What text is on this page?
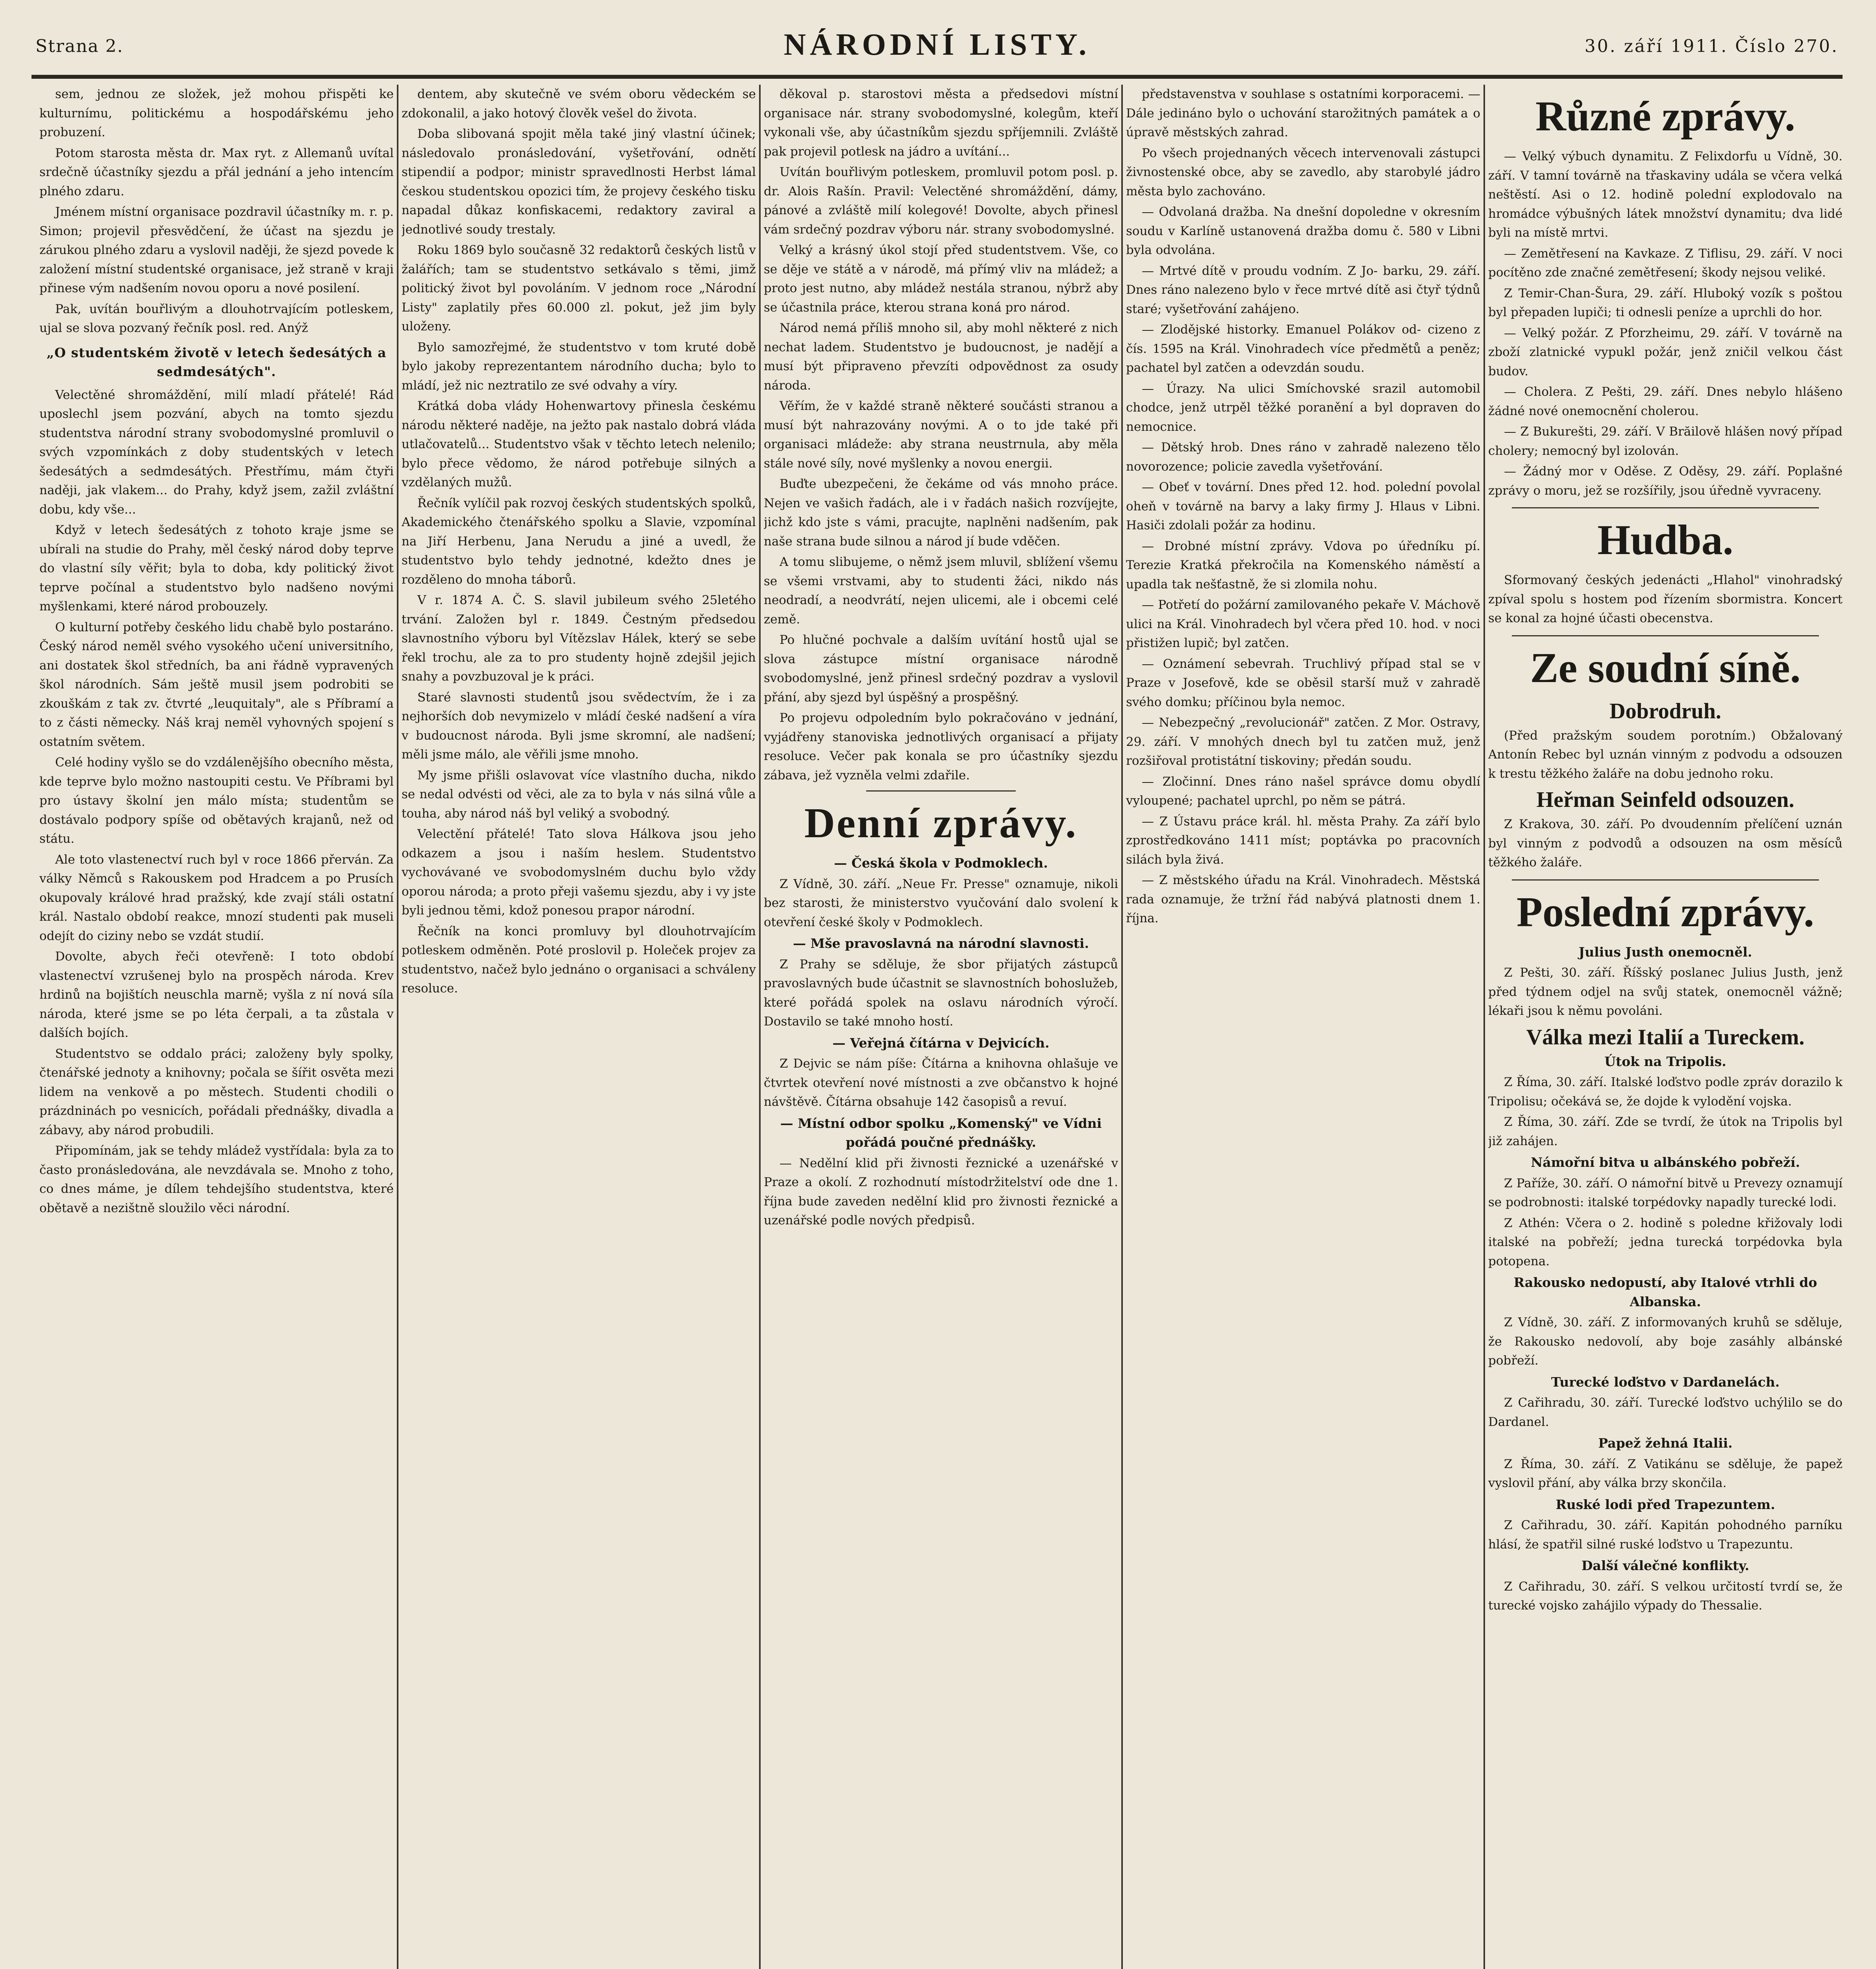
Strana 2.	NÁRODNÍ LISTY.	30. září 1911. Číslo 270.

sem, jednou ze složek, jež mohou přispěti ke kulturnímu, politickému a hospodářskému jeho probuzení.

Potom starosta města dr. Max ryt. z Allemanů uvítal srdečně účastníky sjezdu a přál jednání a jeho intencím plného zdaru.

Jménem místní organisace pozdravil účastníky m. r. p. Simon; projevil přesvědčení, že účast na sjezdu je zárukou plného zdaru a vyslovil naději, že sjezd povede k založení místní studentské organisace, jež straně v kraji přinese vým nadšením novou oporu a nové posilení.

Pak, uvítán bouřlivým a dlouhotrvajícím potleskem, ujal se slova pozvaný řečník posl. red. Anýž

„O studentském životě v letech šedesátých a sedmdesátých".

Velectěné shromáždění, milí mladí přátelé! Rád uposlechl jsem pozvání, abych na tomto sjezdu studentstva národní strany svobodomyslné promluvil o svých vzpomínkách z doby studentských v letech šedesátých a sedmdesátých. Přestřímu, mám čtyři naději, jak vlakem... do Prahy, když jsem, zažil zvláštní dobu, kdy vše...

Když v letech šedesátých z tohoto kraje jsme se ubírali na studie do Prahy, měl český národ doby teprve do vlastní síly věřit; byla to doba, kdy politický život teprve počínal a studentstvo bylo nadšeno novými myšlenkami, které národ probouzely.

O kulturní potřeby českého lidu chabě bylo postaráno. Český národ neměl svého vysokého učení universitního, ani dostatek škol středních, ba ani řádně vypravených škol národních. Sám ještě musil jsem podrobiti se zkouškám z tak zv. čtvrté „leuquitaly", ale s Příbramí a to z části německy. Náš kraj neměl vyhovných spojení s ostatním světem.

Celé hodiny vyšlo se do vzdálenějšího obecního města, kde teprve bylo možno nastoupiti cestu. Ve Příbrami byl pro ústavy školní jen málo místa; studentům se dostávalo podpory spíše od obětavých krajanů, než od státu.

Ale toto vlastenectví ruch byl v roce 1866 přerván. Za války Němců s Rakouskem pod Hradcem a po Prusích okupovaly králové hrad pražský, kde zvají stáli ostatní král. Nastalo období reakce, mnozí studenti pak museli odejít do ciziny nebo se vzdát studií.

Dovolte, abych řeči otevřeně: I toto období vlastenectví vzrušenej bylo na prospěch národa. Krev hrdinů na bojištích neuschla marně; vyšla z ní nová síla národa, které jsme se po léta čerpali, a ta zůstala v dalších bojích.

Studentstvo se oddalo práci; založeny byly spolky, čtenářské jednoty a knihovny; počala se šířit osvěta mezi lidem na venkově a po městech. Studenti chodili o prázdninách po vesnicích, pořádali přednášky, divadla a zábavy, aby národ probudili.

Připomínám, jak se tehdy mládež vystřídala: byla za to často pronásledována, ale nevzdávala se. Mnoho z toho, co dnes máme, je dílem tehdejšího studentstva, které obětavě a nezištně sloužilo věci národní.

dentem, aby skutečně ve svém oboru vědeckém se zdokonalil, a jako hotový člověk vešel do života.

Doba slibovaná spojit měla také jiný vlastní účinek; následovalo pronásledování, vyšetřování, odnětí stipendií a podpor; ministr spravedlnosti Herbst lámal českou studentskou opozici tím, že projevy českého tisku napadal důkaz konfiskacemi, redaktory zaviral a jednotlivé soudy trestaly.

Roku 1869 bylo současně 32 redaktorů českých listů v žalářích; tam se studentstvo setkávalo s těmi, jimž politický život byl povoláním. V jednom roce „Národní Listy" zaplatily přes 60.000 zl. pokut, jež jim byly uloženy.

Bylo samozřejmé, že studentstvo v tom kruté době bylo jakoby reprezentantem národního ducha; bylo to mládí, jež nic neztratilo ze své odvahy a víry.

Krátká doba vlády Hohenwartovy přinesla českému národu některé naděje, na ježto pak nastalo dobrá vláda utlačovatelů... Studentstvo však v těchto letech nelenilo; bylo přece vědomo, že národ potřebuje silných a vzdělaných mužů.

Řečník vylíčil pak rozvoj českých studentských spolků, Akademického čtenářského spolku a Slavie, vzpomínal na Jiří Herbenu, Jana Nerudu a jiné a uvedl, že studentstvo bylo tehdy jednotné, kdežto dnes je rozděleno do mnoha táborů.

V r. 1874 A. Č. S. slavil jubileum svého 25letého trvání. Založen byl r. 1849. Čestným předsedou slavnostního výboru byl Vítězslav Hálek, který se sebe řekl trochu, ale za to pro studenty hojně zdejšil jejich snahy a povzbuzoval je k práci.

Staré slavnosti studentů jsou svědectvím, že i za nejhorších dob nevymizelo v mládí české nadšení a víra v budoucnost národa. Byli jsme skromní, ale nadšení; měli jsme málo, ale věřili jsme mnoho.

My jsme přišli oslavovat více vlastního ducha, nikdo se nedal odvésti od věci, ale za to byla v nás silná vůle a touha, aby národ náš byl veliký a svobodný.

Velectění přátelé! Tato slova Hálkova jsou jeho odkazem a jsou i naším heslem. Studentstvo vychovávané ve svobodomyslném duchu bylo vždy oporou národa; a proto přeji vašemu sjezdu, aby i vy jste byli jednou těmi, kdož ponesou prapor národní.

Řečník na konci promluvy byl dlouhotrvajícím potleskem odměněn. Poté proslovil p. Holeček projev za studentstvo, načež bylo jednáno o organisaci a schváleny resoluce.

děkoval p. starostovi města a předsedovi místní organisace nár. strany svobodomyslné, kolegům, kteří vykonali vše, aby účastníkům sjezdu spříjemnili. Zvláště pak projevil potlesk na jádro a uvítání...

Uvítán bouřlivým potleskem, promluvil potom posl. p. dr. Alois Rašín. Pravil: Velectěné shromáždění, dámy, pánové a zvláště milí kolegové! Dovolte, abych přinesl vám srdečný pozdrav výboru nár. strany svobodomyslné.

Velký a krásný úkol stojí před studentstvem. Vše, co se děje ve státě a v národě, má přímý vliv na mládež; a proto jest nutno, aby mládež nestála stranou, nýbrž aby se účastnila práce, kterou strana koná pro národ.

Národ nemá příliš mnoho sil, aby mohl některé z nich nechat ladem. Studentstvo je budoucnost, je nadějí a musí být připraveno převzíti odpovědnost za osudy národa.

Věřím, že v každé straně některé součásti stranou a musí být nahrazovány novými. A o to jde také při organisaci mládeže: aby strana neustrnula, aby měla stále nové síly, nové myšlenky a novou energii.

Buďte ubezpečeni, že čekáme od vás mnoho práce. Nejen ve vašich řadách, ale i v řadách našich rozvíjejte, jichž kdo jste s vámi, pracujte, naplněni nadšením, pak naše strana bude silnou a národ jí bude vděčen.

A tomu slibujeme, o němž jsem mluvil, sblížení všemu se všemi vrstvami, aby to studenti žáci, nikdo nás neodradí, a neodvrátí, nejen ulicemi, ale i obcemi celé země.

Po hlučné pochvale a dalším uvítání hostů ujal se slova zástupce místní organisace národně svobodomyslné, jenž přinesl srdečný pozdrav a vyslovil přání, aby sjezd byl úspěšný a prospěšný.

Po projevu odpoledním bylo pokračováno v jednání, vyjádřeny stanoviska jednotlivých organisací a přijaty resoluce. Večer pak konala se pro účastníky sjezdu zábava, jež vyzněla velmi zdařile.

Denní zprávy.
— Česká škola v Podmoklech.

Z Vídně, 30. září. „Neue Fr. Presse" oznamuje, nikoli bez starosti, že ministerstvo vyučování dalo svolení k otevření české školy v Podmoklech.

— Mše pravoslavná na národní slavnosti.

Z Prahy se sděluje, že sbor přijatých zástupců pravoslavných bude účastnit se slavnostních bohoslužeb, které pořádá spolek na oslavu národních výročí. Dostavilo se také mnoho hostí.

— Veřejná čítárna v Dejvicích.

Z Dejvic se nám píše: Čítárna a knihovna ohlašuje ve čtvrtek otevření nové místnosti a zve občanstvo k hojné návštěvě. Čítárna obsahuje 142 časopisů a revuí.

— Místní odbor spolku „Komenský" ve Vídni pořádá poučné přednášky.

— Nedělní klid při živnosti řeznické a uzenářské v Praze a okolí. Z rozhodnutí místodržitelství ode dne 1. října bude zaveden nedělní klid pro živnosti řeznické a uzenářské podle nových předpisů.

představenstva v souhlase s ostatními korporacemi. — Dále jedináno bylo o uchování starožitných památek a o úpravě městských zahrad.

Po všech projednaných věcech intervenovali zástupci živnostenské obce, aby se zavedlo, aby starobylé jádro města bylo zachováno.

— Odvolaná dražba. Na dnešní dopoledne v okresním soudu v Karlíně ustanovená dražba domu č. 580 v Libni byla odvolána.

— Mrtvé dítě v proudu vodním. Z Jo- barku, 29. září. Dnes ráno nalezeno bylo v řece mrtvé dítě asi čtyř týdnů staré; vyšetřování zahájeno.

— Zlodějské historky. Emanuel Polákov od- cizeno z čís. 1595 na Král. Vinohradech více předmětů a peněz; pachatel byl zatčen a odevzdán soudu.

— Úrazy. Na ulici Smíchovské srazil automobil chodce, jenž utrpěl těžké poranění a byl dopraven do nemocnice.

— Dětský hrob. Dnes ráno v zahradě nalezeno tělo novorozence; policie zavedla vyšetřování.

— Obeť v tovární. Dnes před 12. hod. polední povolal oheň v továrně na barvy a laky firmy J. Hlaus v Libni. Hasiči zdolali požár za hodinu.

— Drobné místní zprávy. Vdova po úředníku pí. Terezie Kratká překročila na Komenského náměstí a upadla tak nešťastně, že si zlomila nohu.

— Potřetí do požární zamilovaného pekaře V. Máchově ulici na Král. Vinohradech byl včera před 10. hod. v noci přistižen lupič; byl zatčen.

— Oznámení sebevrah. Truchlivý případ stal se v Praze v Josefově, kde se oběsil starší muž v zahradě svého domku; příčinou byla nemoc.

— Nebezpečný „revolucionář" zatčen. Z Mor. Ostravy, 29. září. V mnohých dnech byl tu zatčen muž, jenž rozšiřoval protistátní tiskoviny; předán soudu.

— Zločinní. Dnes ráno našel správce domu obydlí vyloupené; pachatel uprchl, po něm se pátrá.

— Z Ústavu práce král. hl. města Prahy. Za září bylo zprostředkováno 1411 míst; poptávka po pracovních silách byla živá.

— Z městského úřadu na Král. Vinohradech. Městská rada oznamuje, že tržní řád nabývá platnosti dnem 1. října.

Různé zprávy.

— Velký výbuch dynamitu. Z Felixdorfu u Vídně, 30. září. V tamní továrně na třaskaviny udála se včera velká neštěstí. Asi o 12. hodině polední explodovalo na hromádce výbušných látek množství dynamitu; dva lidé byli na místě mrtvi.

— Zemětřesení na Kavkaze. Z Tiflisu, 29. září. V noci pocítěno zde značné zemětřesení; škody nejsou veliké.

Z Temir-Chan-Šura, 29. září. Hluboký vozík s poštou byl přepaden lupiči; ti odnesli peníze a uprchli do hor.

— Velký požár. Z Pforzheimu, 29. září. V továrně na zboží zlatnické vypukl požár, jenž zničil velkou část budov.

— Cholera. Z Pešti, 29. září. Dnes nebylo hlášeno žádné nové onemocnění cholerou.

— Z Bukurešti, 29. září. V Brăilově hlášen nový případ cholery; nemocný byl izolován.

— Žádný mor v Oděse. Z Oděsy, 29. září. Poplašné zprávy o moru, jež se rozšířily, jsou úředně vyvraceny.

Hudba.

Sformovaný českých jedenácti „Hlahol" vinohradský zpíval spolu s hostem pod řízením sbormistra. Koncert se konal za hojné účasti obecenstva.

Ze soudní síně.
Dobrodruh.

(Před pražským soudem porotním.) Obžalovaný Antonín Rebec byl uznán vinným z podvodu a odsouzen k trestu těžkého žaláře na dobu jednoho roku.

Heřman Seinfeld odsouzen.

Z Krakova, 30. září. Po dvoudenním přelíčení uznán byl vinným z podvodů a odsouzen na osm měsíců těžkého žaláře.

Poslední zprávy.
Julius Justh onemocněl.

Z Pešti, 30. září. Říšský poslanec Julius Justh, jenž před týdnem odjel na svůj statek, onemocněl vážně; lékaři jsou k němu povoláni.

Válka mezi Italií a Tureckem.
Útok na Tripolis.

Z Říma, 30. září. Italské loďstvo podle zpráv dorazilo k Tripolisu; očekává se, že dojde k vylodění vojska.

Z Říma, 30. září. Zde se tvrdí, že útok na Tripolis byl již zahájen.

Námořní bitva u albánského pobřeží.

Z Paříže, 30. září. O námořní bitvě u Prevezy oznamují se podrobnosti: italské torpédovky napadly turecké lodi.

Z Athén: Včera o 2. hodině s poledne křižovaly lodi italské na pobřeží; jedna turecká torpédovka byla potopena.

Rakousko nedopustí, aby Italové vtrhli do Albanska.

Z Vídně, 30. září. Z informovaných kruhů se sděluje, že Rakousko nedovolí, aby boje zasáhly albánské pobřeží.

Turecké loďstvo v Dardanelách.

Z Cařihradu, 30. září. Turecké loďstvo uchýlilo se do Dardanel.

Papež žehná Italii.

Z Říma, 30. září. Z Vatikánu se sděluje, že papež vyslovil přání, aby válka brzy skončila.

Ruské lodi před Trapezuntem.

Z Cařihradu, 30. září. Kapitán pohodného parníku hlásí, že spatřil silné ruské loďstvo u Trapezuntu.

Další válečné konflikty.

Z Cařihradu, 30. září. S velkou určitostí tvrdí se, že turecké vojsko zahájilo výpady do Thessalie.
